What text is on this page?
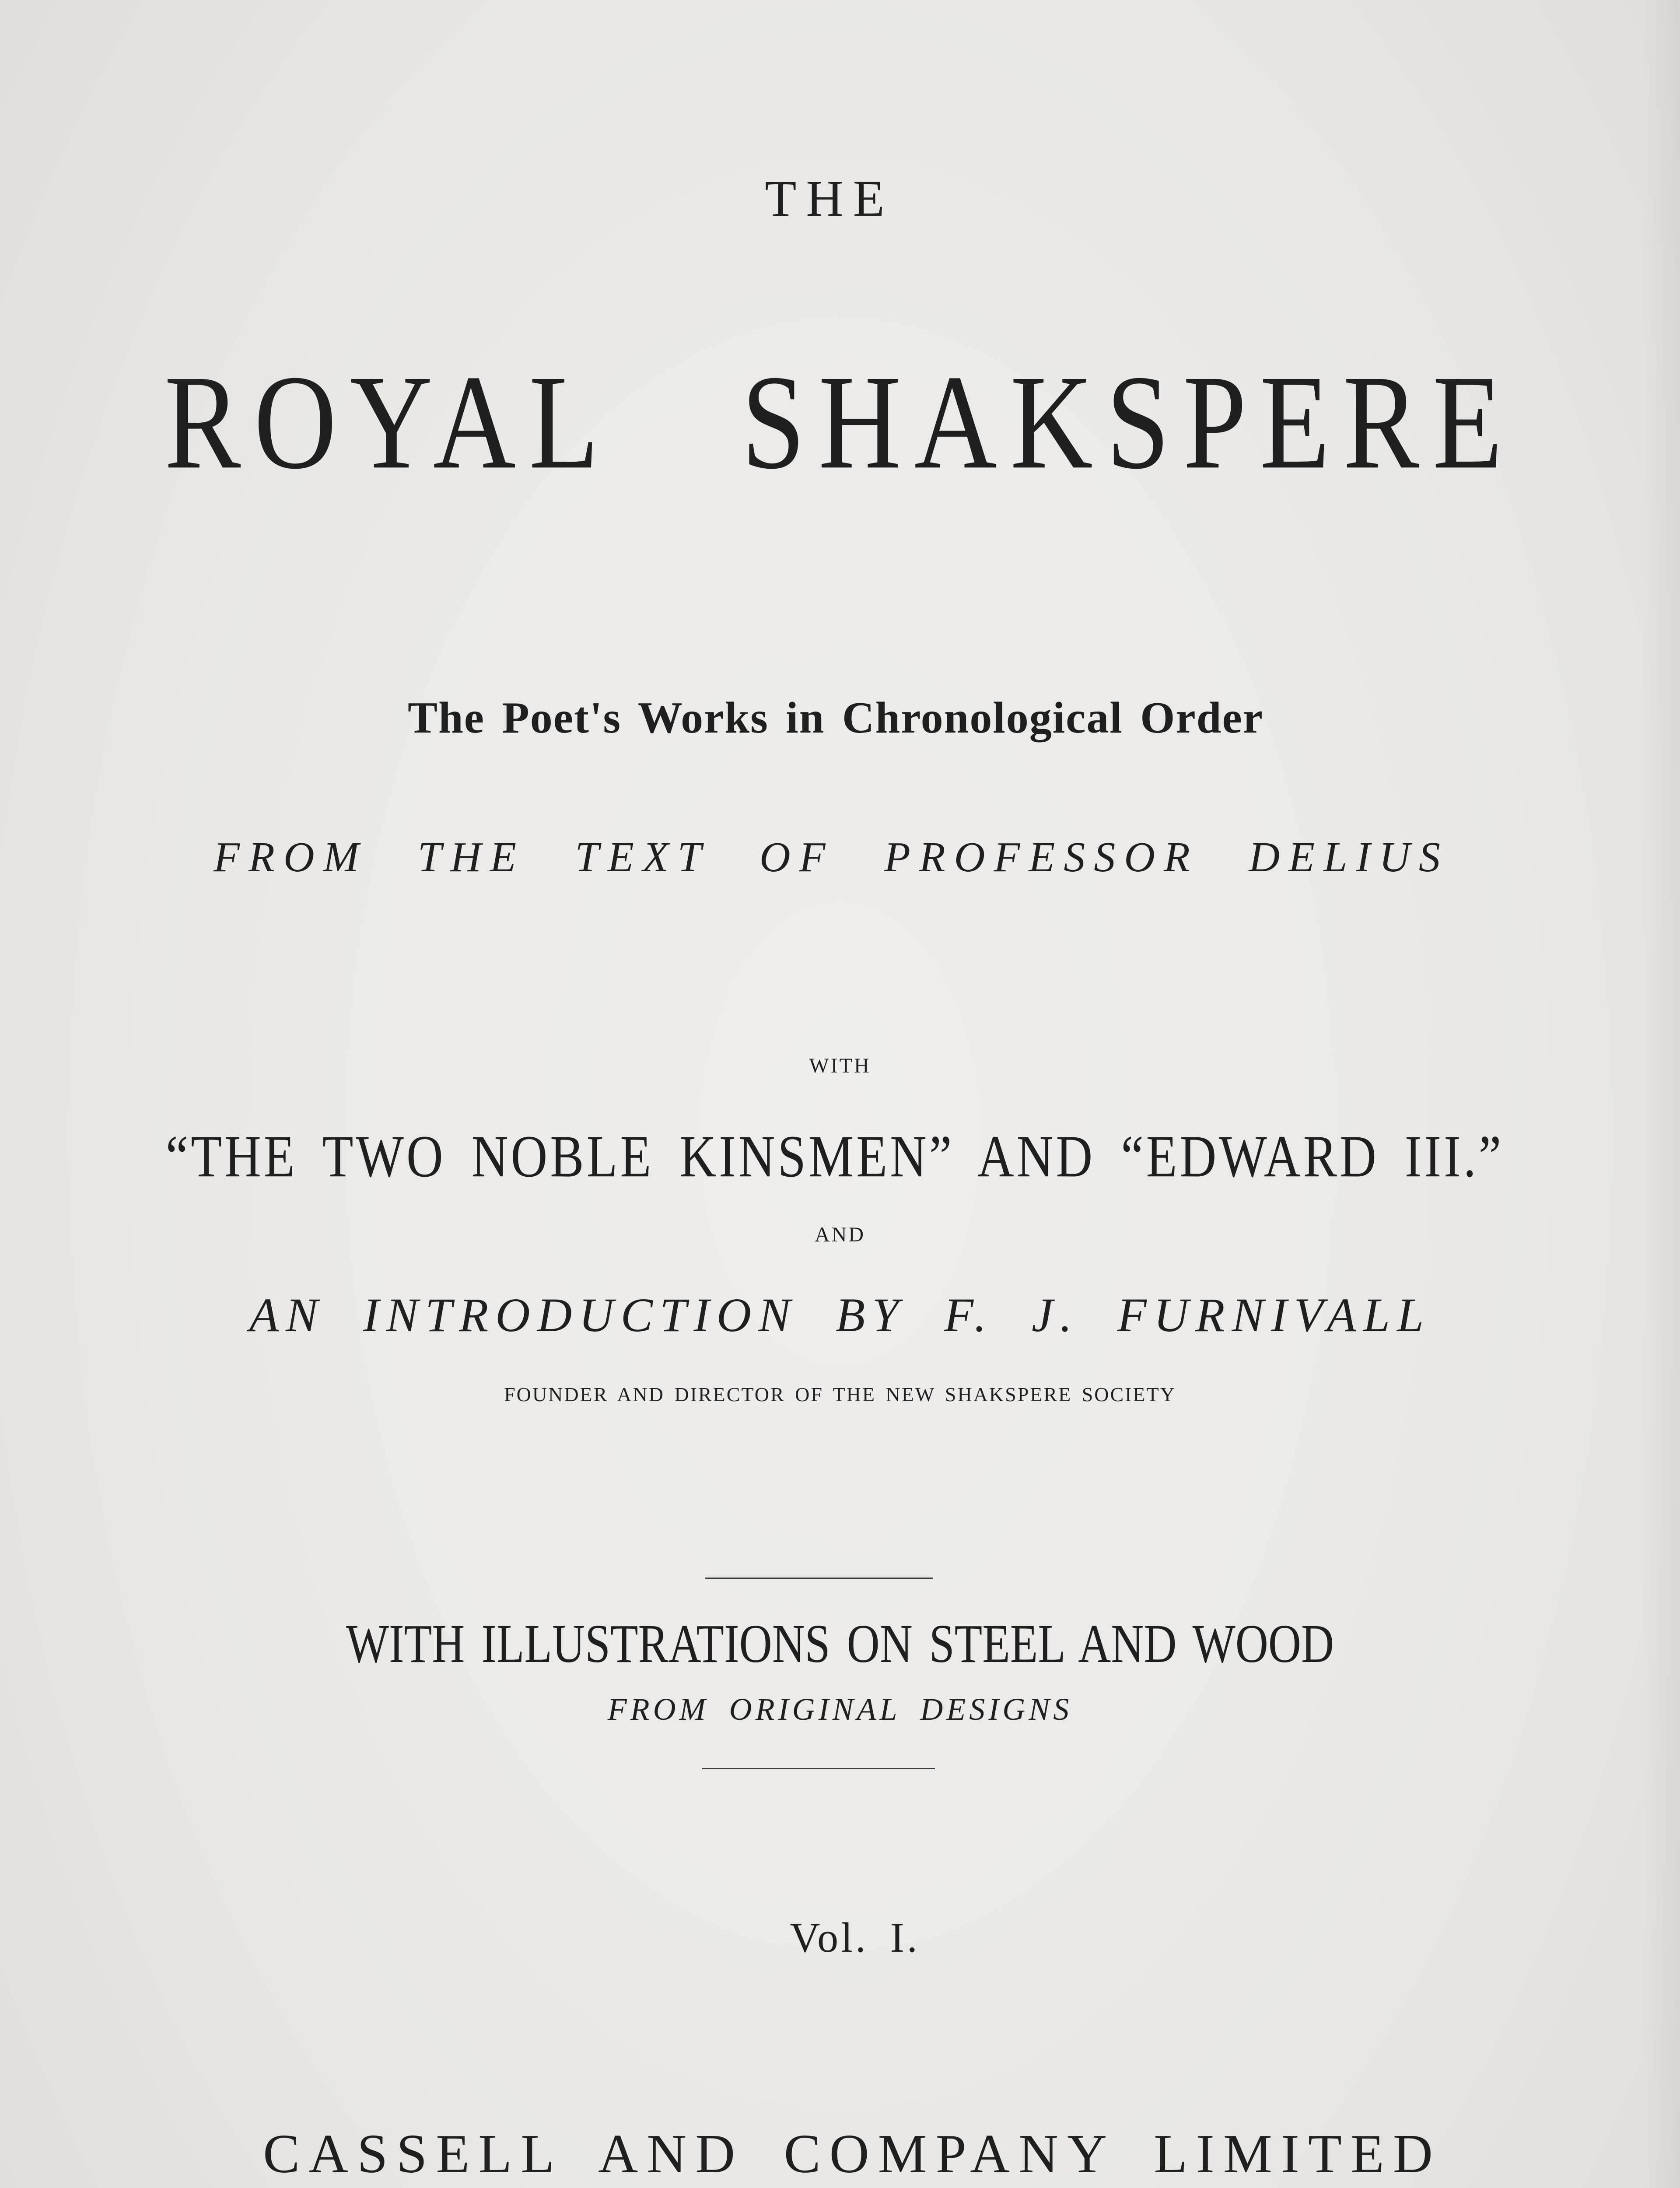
THE
ROYAL SHAKSPERE
The Poet's Works in Chronological Order
FROM THE TEXT OF PROFESSOR DELIUS
WITH
“THE TWO NOBLE KINSMEN” AND “EDWARD III.”
AND
AN INTRODUCTION BY F. J. FURNIVALL
FOUNDER AND DIRECTOR OF THE NEW SHAKSPERE SOCIETY
WITH ILLUSTRATIONS ON STEEL AND WOOD
FROM ORIGINAL DESIGNS
Vol. I.
CASSELL AND COMPANY LIMITED
